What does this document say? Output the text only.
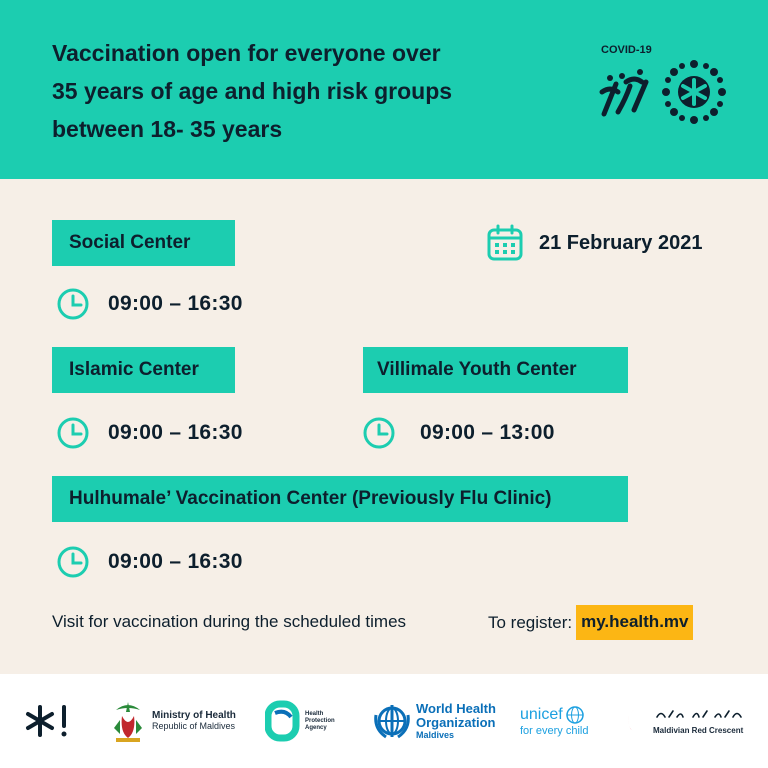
Vaccination open for everyone over
35 years of age and high risk groups
between 18- 35 years
COVID-19
Social Center
09:00 – 16:30
21 February 2021
Islamic Center
09:00 – 16:30
Villimale Youth Center
09:00 – 13:00
Hulhumale’ Vaccination Center (Previously Flu Clinic)
09:00 – 16:30
Visit for vaccination during the scheduled times	To register: my.health.mv
Ministry of Health
Republic of Maldives
Health
Protection
Agency
World Health
Organization
Maldives
unicef
for every child	Maldivian Red Crescent
